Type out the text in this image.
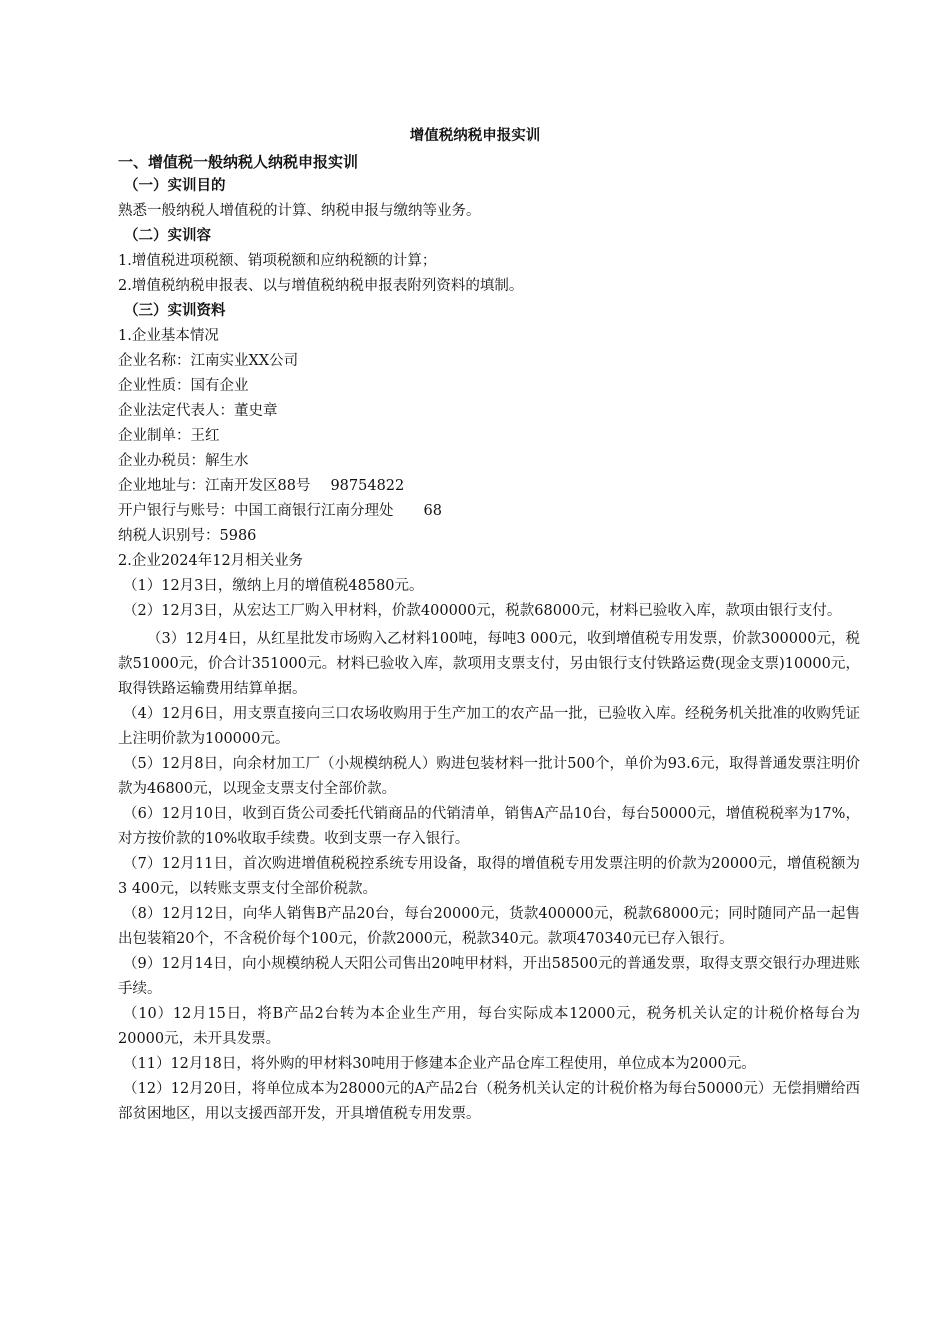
增值税纳税申报实训

一、增值税一般纳税人纳税申报实训

（一）实训目的

熟悉一般纳税人增值税的计算、纳税申报与缴纳等业务。

（二）实训容

1.增值税进项税额、销项税额和应纳税额的计算；

2.增值税纳税申报表、以与增值税纳税申报表附列资料的填制。

（三）实训资料

1.企业基本情况

企业名称：江南实业XX公司

企业性质：国有企业

企业法定代表人：董史章

企业制单：王红

企业办税员：解生水

企业地址与：江南开发区88号 98754822

开户银行与账号：中国工商银行江南分理处 68

纳税人识别号：5986

2.企业2024年12月相关业务

（1）12月3日，缴纳上月的增值税48580元。

（2）12月3日，从宏达工厂购入甲材料，价款400000元，税款68000元，材料已验收入库，款项由银行支付。

（3）12月4日，从红星批发市场购入乙材料100吨，每吨3 000元，收到增值税专用发票，价款300000元，税款51000元，价合计351000元。材料已验收入库，款项用支票支付，另由银行支付铁路运费(现金支票)10000元，取得铁路运输费用结算单据。

（4）12月6日，用支票直接向三口农场收购用于生产加工的农产品一批，已验收入库。经税务机关批准的收购凭证上注明价款为100000元。

（5）12月8日，向余材加工厂（小规模纳税人）购进包装材料一批计500个，单价为93.6元，取得普通发票注明价款为46800元，以现金支票支付全部价款。

（6）12月10日，收到百货公司委托代销商品的代销清单，销售A产品10台，每台50000元，增值税税率为17%，对方按价款的10%收取手续费。收到支票一存入银行。

（7）12月11日，首次购进增值税税控系统专用设备，取得的增值税专用发票注明的价款为20000元，增值税额为3 400元，以转账支票支付全部价税款。

（8）12月12日，向华人销售B产品20台，每台20000元，货款400000元，税款68000元；同时随同产品一起售出包装箱20个，不含税价每个100元，价款2000元，税款340元。款项470340元已存入银行。

（9）12月14日，向小规模纳税人天阳公司售出20吨甲材料，开出58500元的普通发票，取得支票交银行办理进账手续。

（10）12月15日，将B产品2台转为本企业生产用，每台实际成本12000元，税务机关认定的计税价格每台为20000元，未开具发票。

（11）12月18日，将外购的甲材料30吨用于修建本企业产品仓库工程使用，单位成本为2000元。

（12）12月20日，将单位成本为28000元的A产品2台（税务机关认定的计税价格为每台50000元）无偿捐赠给西部贫困地区，用以支援西部开发，开具增值税专用发票。
